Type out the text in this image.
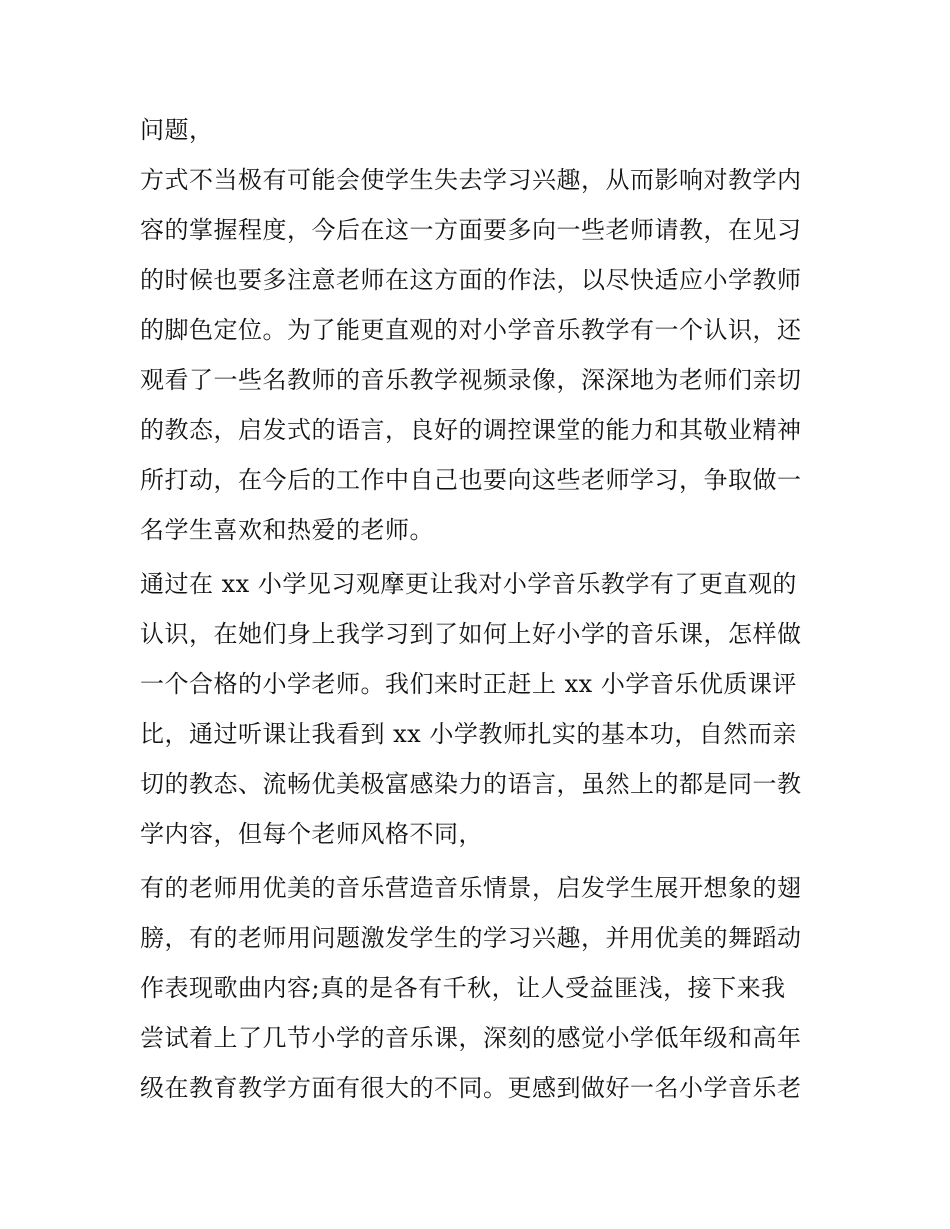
问题，
方式不当极有可能会使学生失去学习兴趣，从而影响对教学内
容的掌握程度，今后在这一方面要多向一些老师请教，在见习
的时候也要多注意老师在这方面的作法，以尽快适应小学教师
的脚色定位。为了能更直观的对小学音乐教学有一个认识，还
观看了一些名教师的音乐教学视频录像，深深地为老师们亲切
的教态，启发式的语言，良好的调控课堂的能力和其敬业精神
所打动，在今后的工作中自己也要向这些老师学习，争取做一
名学生喜欢和热爱的老师。
通过在 xx 小学见习观摩更让我对小学音乐教学有了更直观的
认识，在她们身上我学习到了如何上好小学的音乐课，怎样做
一个合格的小学老师。我们来时正赶上 xx 小学音乐优质课评
比，通过听课让我看到 xx 小学教师扎实的基本功，自然而亲
切的教态、流畅优美极富感染力的语言，虽然上的都是同一教
学内容，但每个老师风格不同，
有的老师用优美的音乐营造音乐情景，启发学生展开想象的翅
膀，有的老师用问题激发学生的学习兴趣，并用优美的舞蹈动
作表现歌曲内容;真的是各有千秋，让人受益匪浅，接下来我
尝试着上了几节小学的音乐课，深刻的感觉小学低年级和高年
级在教育教学方面有很大的不同。更感到做好一名小学音乐老
